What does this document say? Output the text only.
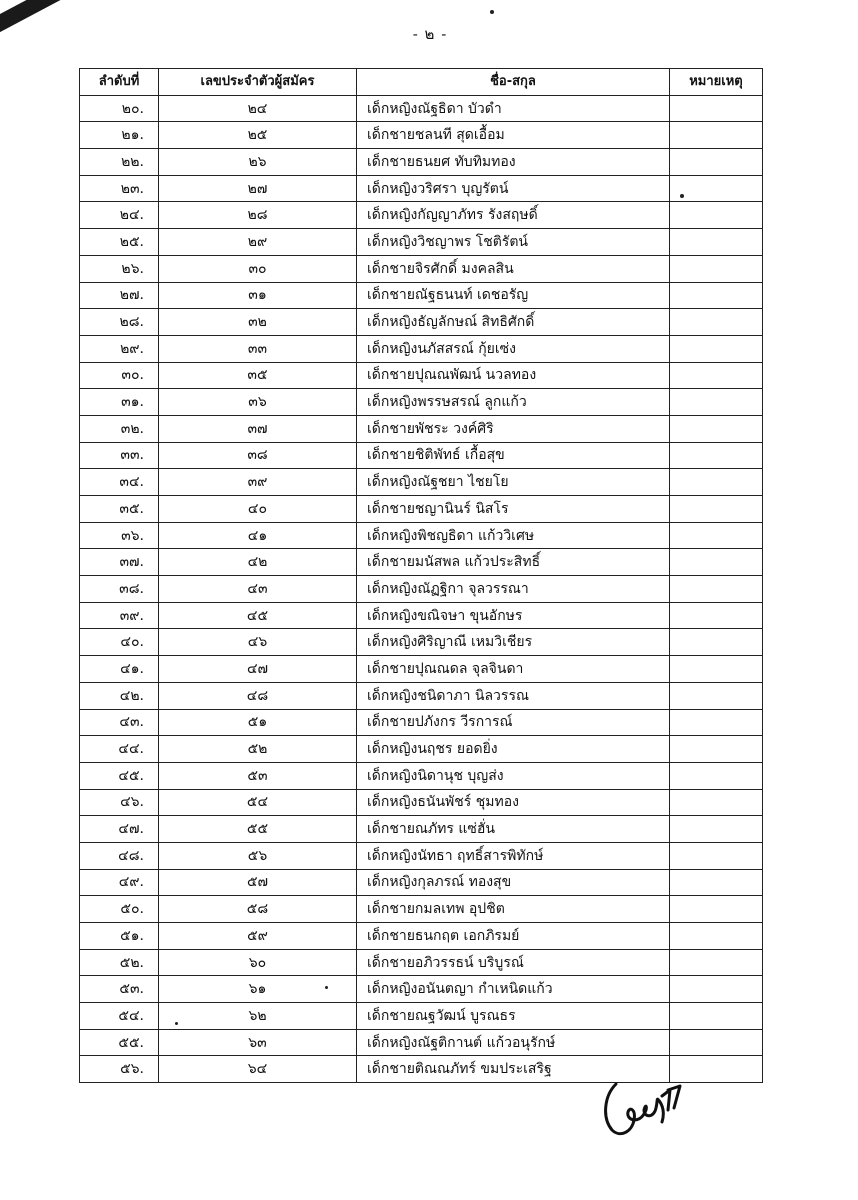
- ๒ -
ลำดับที่	เลขประจำตัวผู้สมัคร	ชื่อ-สกุล	หมายเหตุ
๒๐.	๒๔	เด็กหญิงณัฐธิดา บัวดำ	
๒๑.	๒๕	เด็กชายชลนที สุดเอื้อม	
๒๒.	๒๖	เด็กชายธนยศ ทับทิมทอง	
๒๓.	๒๗	เด็กหญิงวริศรา บุญรัตน์	
๒๔.	๒๘	เด็กหญิงกัญญาภัทร รังสฤษดิ์	
๒๕.	๒๙	เด็กหญิงวิชญาพร โชติรัตน์	
๒๖.	๓๐	เด็กชายจิรศักดิ์ มงคลสิน	
๒๗.	๓๑	เด็กชายณัฐธนนท์ เดชอรัญ	
๒๘.	๓๒	เด็กหญิงธัญลักษณ์ สิทธิศักดิ์	
๒๙.	๓๓	เด็กหญิงนภัสสรณ์ กุ้ยเซ่ง	
๓๐.	๓๕	เด็กชายปุณณพัฒน์ นวลทอง	
๓๑.	๓๖	เด็กหญิงพรรษสรณ์ ลูกแก้ว	
๓๒.	๓๗	เด็กชายพัชระ วงค์ศิริ	
๓๓.	๓๘	เด็กชายชิติพัทธ์ เกื้อสุข	
๓๔.	๓๙	เด็กหญิงณัฐชยา ไชยโย	
๓๕.	๔๐	เด็กชายชญานินร์ นิสโร	
๓๖.	๔๑	เด็กหญิงพิชญธิดา แก้ววิเศษ	
๓๗.	๔๒	เด็กชายมนัสพล แก้วประสิทธิ์	
๓๘.	๔๓	เด็กหญิงณัฏฐิกา จุลวรรณา	
๓๙.	๔๕	เด็กหญิงขณิจษา ขุนอักษร	
๔๐.	๔๖	เด็กหญิงศิริญาณี เหมวิเชียร	
๔๑.	๔๗	เด็กชายปุณณดล จุลจินดา	
๔๒.	๔๘	เด็กหญิงชนิดาภา นิลวรรณ	
๔๓.	๕๑	เด็กชายปภังกร วีรการณ์	
๔๔.	๕๒	เด็กหญิงนฤชร ยอดยิ่ง	
๔๕.	๕๓	เด็กหญิงนิดานุช บุญส่ง	
๔๖.	๕๔	เด็กหญิงธนันพัชร์ ชุมทอง	
๔๗.	๕๕	เด็กชายณภัทร แซ่ฮั่น	
๔๘.	๕๖	เด็กหญิงนัทธา ฤทธิ์สารพิทักษ์	
๔๙.	๕๗	เด็กหญิงกุลภรณ์ ทองสุข	
๕๐.	๕๘	เด็กชายกมลเทพ อุปชิต	
๕๑.	๕๙	เด็กชายธนกฤต เอกภิรมย์	
๕๒.	๖๐	เด็กชายอภิวรรธน์ บริบูรณ์	
๕๓.	๖๑	เด็กหญิงอนันตญา กำเหนิดแก้ว	
๕๔.	๖๒	เด็กชายณฐวัฒน์ บูรณธร	
๕๕.	๖๓	เด็กหญิงณัฐติกานต์ แก้วอนุรักษ์	
๕๖.	๖๔	เด็กชายติณณภัทร์ ขมประเสริฐ	
